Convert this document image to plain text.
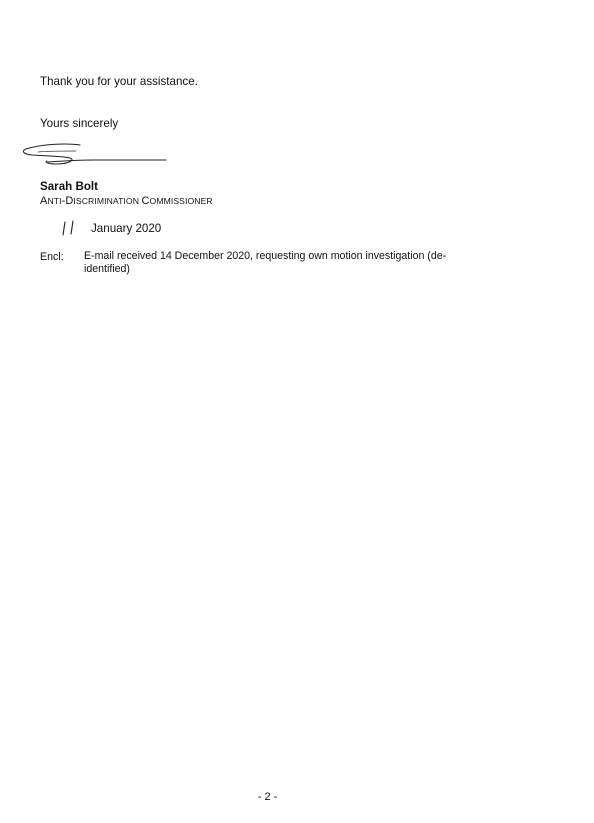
Thank you for your assistance.
Yours sincerely
Sarah Bolt
ANTI-DISCRIMINATION COMMISSIONER
January 2020
Encl: E-mail received 14 December 2020, requesting own motion investigation (de-identified)
- 2 -
